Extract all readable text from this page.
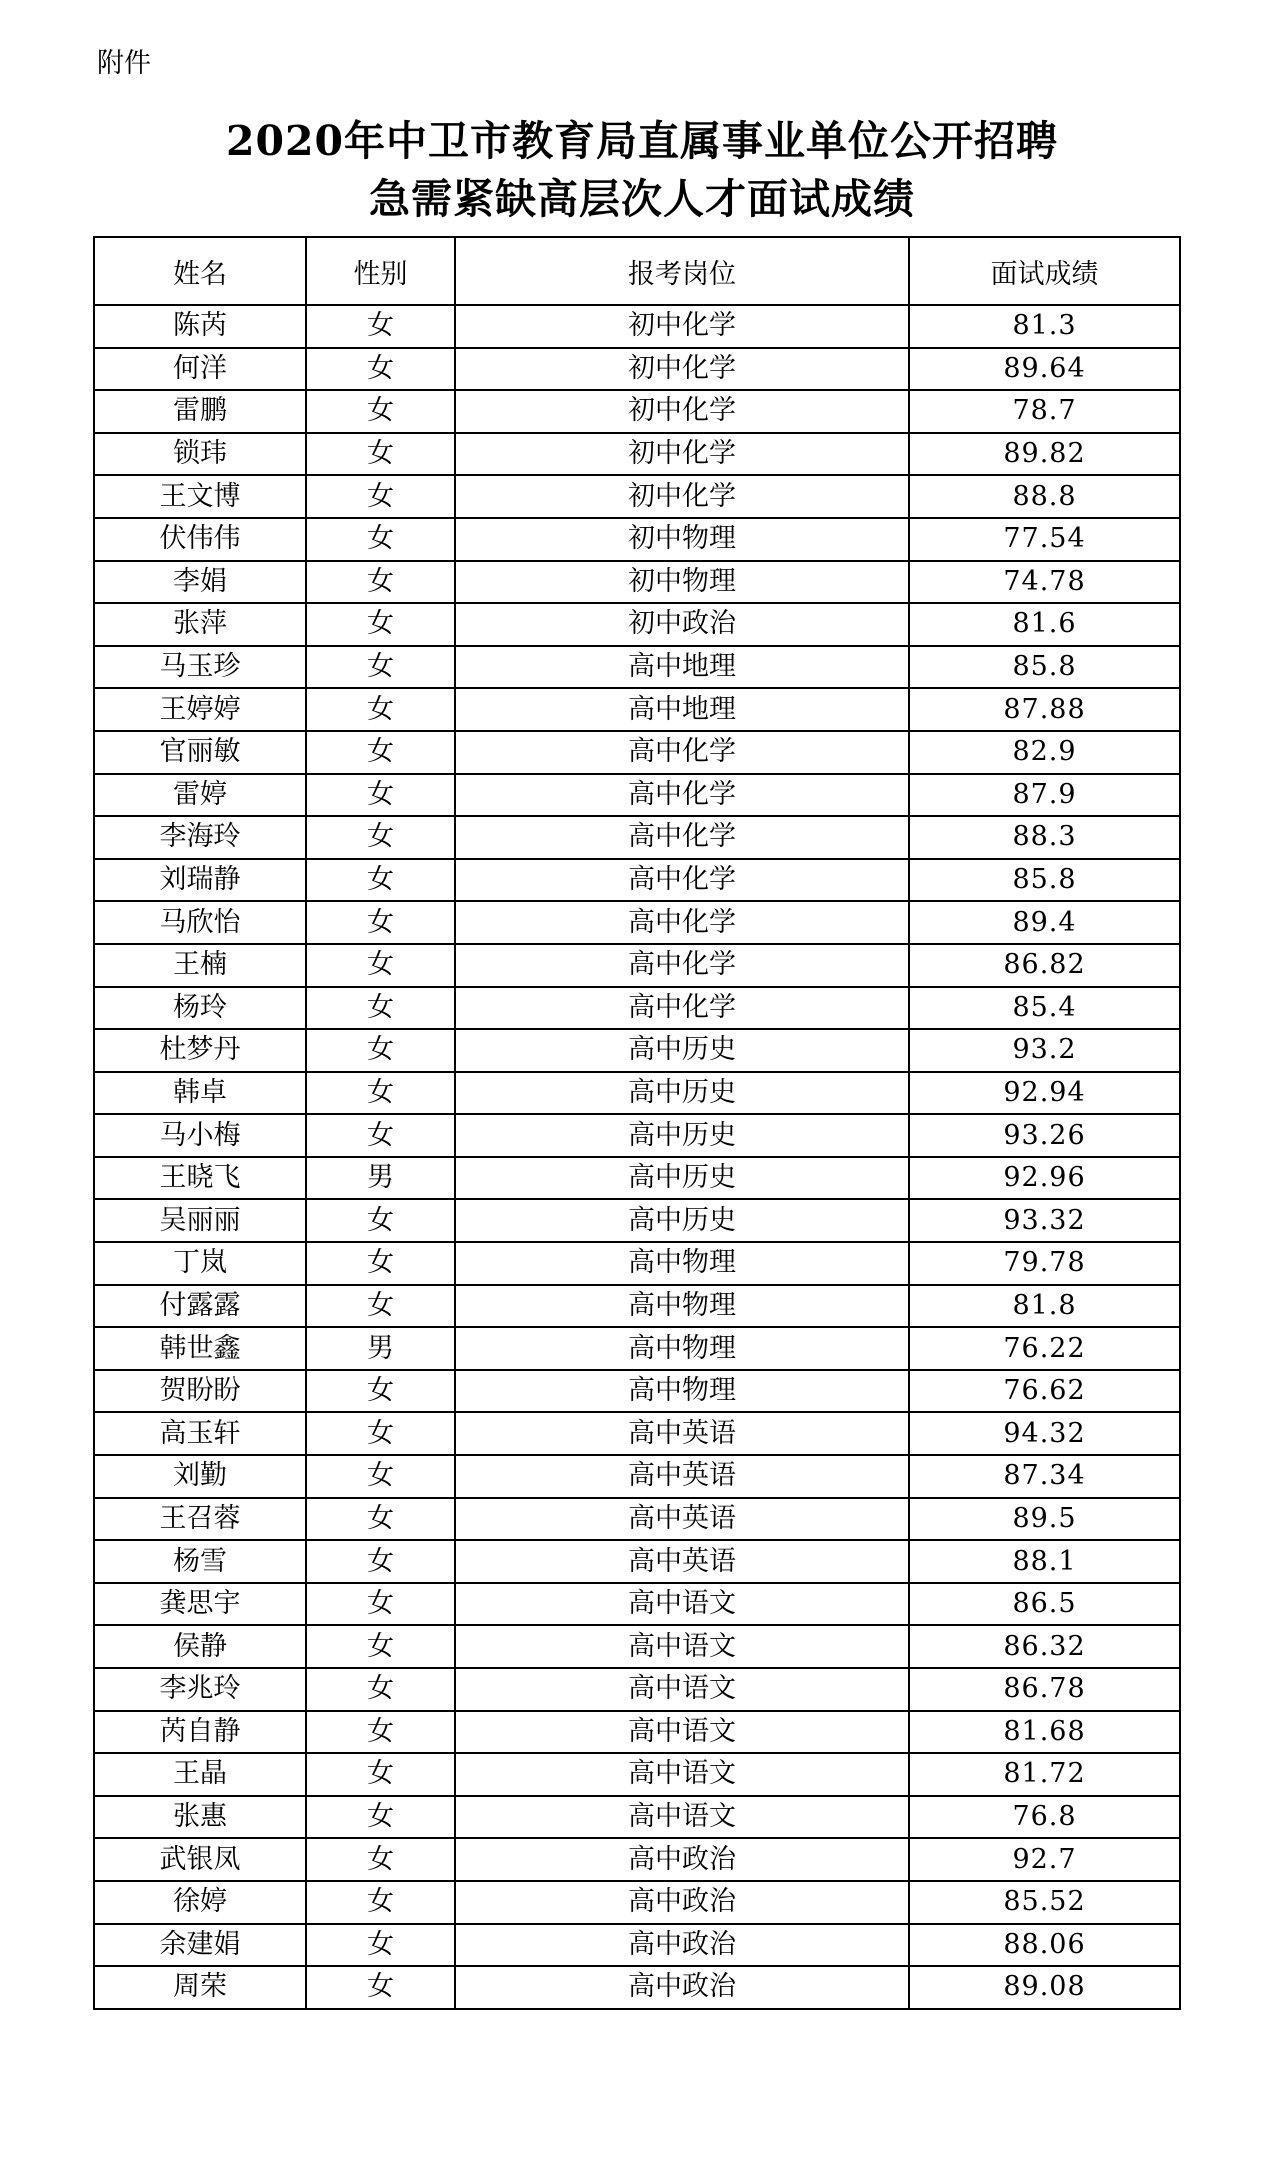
附件
2020年中卫市教育局直属事业单位公开招聘
急需紧缺高层次人才面试成绩
姓名	性别	报考岗位	面试成绩
陈芮	女	初中化学	81.3
何洋	女	初中化学	89.64
雷鹏	女	初中化学	78.7
锁玮	女	初中化学	89.82
王文博	女	初中化学	88.8
伏伟伟	女	初中物理	77.54
李娟	女	初中物理	74.78
张萍	女	初中政治	81.6
马玉珍	女	高中地理	85.8
王婷婷	女	高中地理	87.88
官丽敏	女	高中化学	82.9
雷婷	女	高中化学	87.9
李海玲	女	高中化学	88.3
刘瑞静	女	高中化学	85.8
马欣怡	女	高中化学	89.4
王楠	女	高中化学	86.82
杨玲	女	高中化学	85.4
杜梦丹	女	高中历史	93.2
韩卓	女	高中历史	92.94
马小梅	女	高中历史	93.26
王晓飞	男	高中历史	92.96
吴丽丽	女	高中历史	93.32
丁岚	女	高中物理	79.78
付露露	女	高中物理	81.8
韩世鑫	男	高中物理	76.22
贺盼盼	女	高中物理	76.62
高玉轩	女	高中英语	94.32
刘勤	女	高中英语	87.34
王召蓉	女	高中英语	89.5
杨雪	女	高中英语	88.1
龚思宇	女	高中语文	86.5
侯静	女	高中语文	86.32
李兆玲	女	高中语文	86.78
芮自静	女	高中语文	81.68
王晶	女	高中语文	81.72
张惠	女	高中语文	76.8
武银凤	女	高中政治	92.7
徐婷	女	高中政治	85.52
余建娟	女	高中政治	88.06
周荣	女	高中政治	89.08
